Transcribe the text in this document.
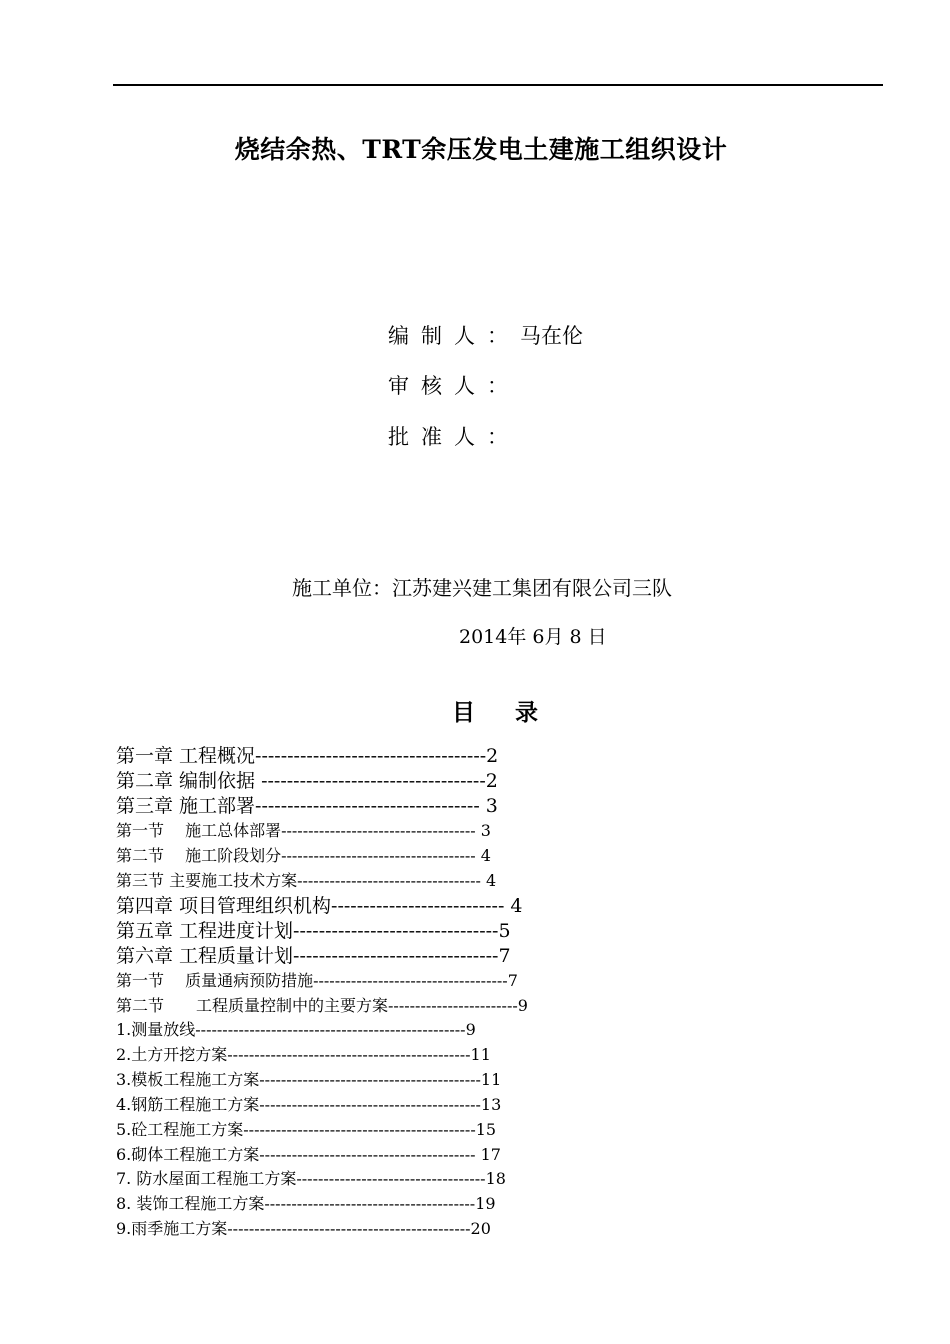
烧结余热、TRT余压发电土建施工组织设计
编制人：马在伦
审核人：
批准人：
施工单位：江苏建兴建工集团有限公司三队
2014年 6月 8 日
目录
第一章 工程概况------------------------------------2
第二章 编制依据 -----------------------------------2
第三章 施工部署----------------------------------- 3
第一节　 施工总体部署------------------------------------ 3
第二节　 施工阶段划分------------------------------------ 4
第三节 主要施工技术方案---------------------------------- 4
第四章 项目管理组织机构--------------------------- 4
第五章 工程进度计划--------------------------------5
第六章 工程质量计划--------------------------------7
第一节　 质量通病预防措施------------------------------------7
第二节　　工程质量控制中的主要方案------------------------9
1.测量放线--------------------------------------------------9
2.土方开挖方案---------------------------------------------11
3.模板工程施工方案-----------------------------------------11
4.钢筋工程施工方案-----------------------------------------13
5.砼工程施工方案-------------------------------------------15
6.砌体工程施工方案---------------------------------------- 17
7. 防水屋面工程施工方案-----------------------------------18
8. 装饰工程施工方案---------------------------------------19
9.雨季施工方案---------------------------------------------20
